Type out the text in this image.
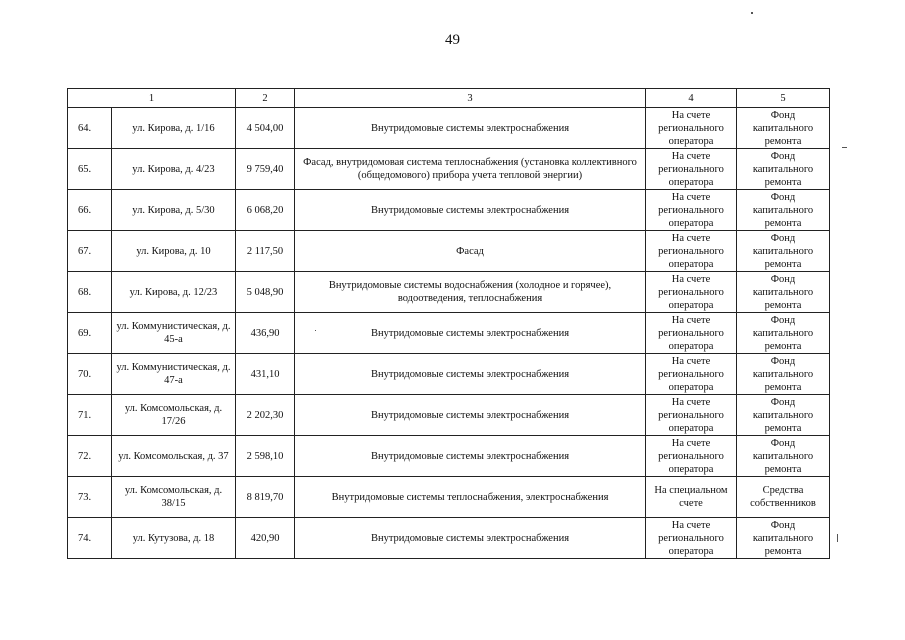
49
1		2	3	4	5
64.	ул. Кирова, д. 1/16	4 504,00	Внутридомовые системы электроснабжения	На счете регионального оператора	Фонд капитального ремонта
65.	ул. Кирова, д. 4/23	9 759,40	Фасад, внутридомовая система теплоснабжения (установка коллективного (общедомового) прибора учета тепловой энергии)	На счете регионального оператора	Фонд капитального ремонта
66.	ул. Кирова, д. 5/30	6 068,20	Внутридомовые системы электроснабжения	На счете регионального оператора	Фонд капитального ремонта
67.	ул. Кирова, д. 10	2 117,50	Фасад	На счете регионального оператора	Фонд капитального ремонта
68.	ул. Кирова, д. 12/23	5 048,90	Внутридомовые системы водоснабжения (холодное и горячее), водоотведения, теплоснабжения	На счете регионального оператора	Фонд капитального ремонта
69.	ул. Коммунистическая, д. 45-а	436,90	Внутридомовые системы электроснабжения	На счете регионального оператора	Фонд капитального ремонта
70.	ул. Коммунистическая, д. 47-а	431,10	Внутридомовые системы электроснабжения	На счете регионального оператора	Фонд капитального ремонта
71.	ул. Комсомольская, д. 17/26	2 202,30	Внутридомовые системы электроснабжения	На счете регионального оператора	Фонд капитального ремонта
72.	ул. Комсомольская, д. 37	2 598,10	Внутридомовые системы электроснабжения	На счете регионального оператора	Фонд капитального ремонта
73.	ул. Комсомольская, д. 38/15	8 819,70	Внутридомовые системы теплоснабжения, электроснабжения	На специальном счете	Средства собственников
74.	ул. Кутузова, д. 18	420,90	Внутридомовые системы электроснабжения	На счете регионального оператора	Фонд капитального ремонта
